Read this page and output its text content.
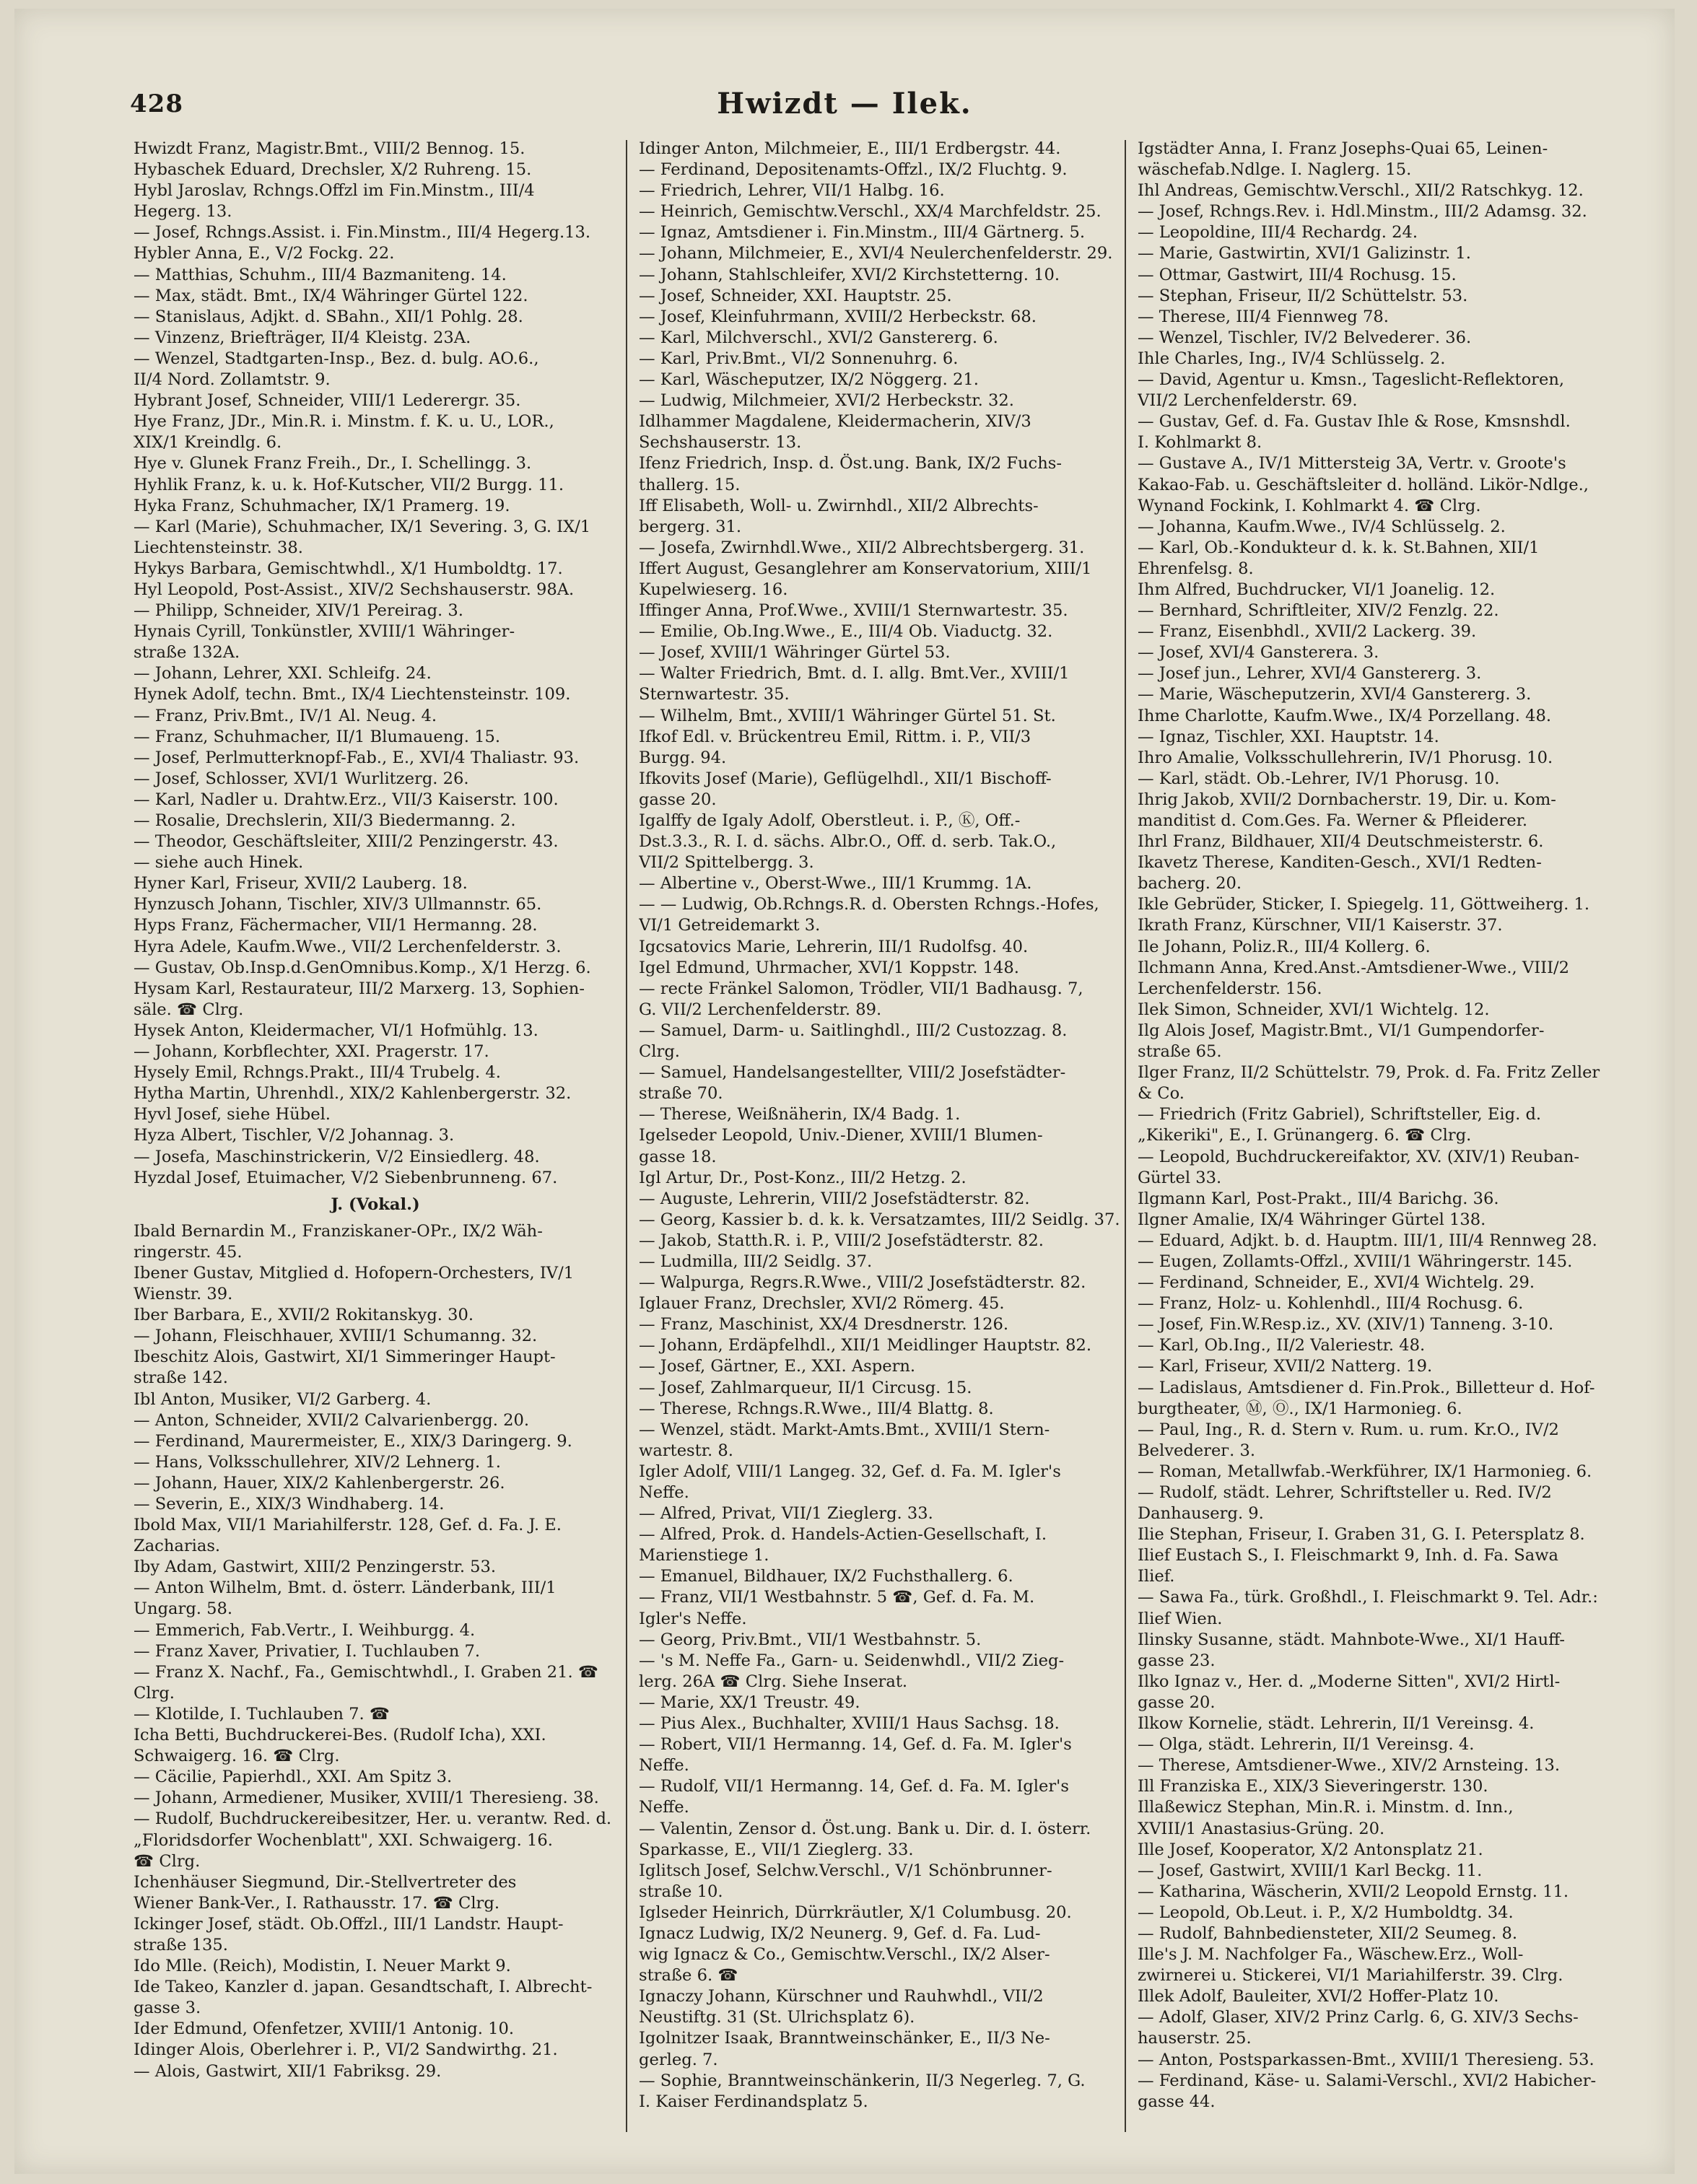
428	Hwizdt — Ilek.
Hwizdt Franz, Magistr.Bmt., VIII/2 Bennog. 15.
Hybaschek Eduard, Drechsler, X/2 Ruhreng. 15.
Hybl Jaroslav, Rchngs.Offzl im Fin.Minstm., III/4
Hegerg. 13.
— Josef, Rchngs.Assist. i. Fin.Minstm., III/4 Hegerg.13.
Hybler Anna, E., V/2 Fockg. 22.
— Matthias, Schuhm., III/4 Bazmaniteng. 14.
— Max, städt. Bmt., IX/4 Währinger Gürtel 122.
— Stanislaus, Adjkt. d. SBahn., XII/1 Pohlg. 28.
— Vinzenz, Briefträger, II/4 Kleistg. 23A.
— Wenzel, Stadtgarten-Insp., Bez. d. bulg. AO.6.,
II/4 Nord. Zollamtstr. 9.
Hybrant Josef, Schneider, VIII/1 Lederergr. 35.
Hye Franz, JDr., Min.R. i. Minstm. f. K. u. U., LOR.,
XIX/1 Kreindlg. 6.
Hye v. Glunek Franz Freih., Dr., I. Schellingg. 3.
Hyhlik Franz, k. u. k. Hof-Kutscher, VII/2 Burgg. 11.
Hyka Franz, Schuhmacher, IX/1 Pramerg. 19.
— Karl (Marie), Schuhmacher, IX/1 Severing. 3, G. IX/1
Liechtensteinstr. 38.
Hykys Barbara, Gemischtwhdl., X/1 Humboldtg. 17.
Hyl Leopold, Post-Assist., XIV/2 Sechshauserstr. 98A.
— Philipp, Schneider, XIV/1 Pereirag. 3.
Hynais Cyrill, Tonkünstler, XVIII/1 Währinger-
straße 132A.
— Johann, Lehrer, XXI. Schleifg. 24.
Hynek Adolf, techn. Bmt., IX/4 Liechtensteinstr. 109.
— Franz, Priv.Bmt., IV/1 Al. Neug. 4.
— Franz, Schuhmacher, II/1 Blumaueng. 15.
— Josef, Perlmutterknopf-Fab., E., XVI/4 Thaliastr. 93.
— Josef, Schlosser, XVI/1 Wurlitzerg. 26.
— Karl, Nadler u. Drahtw.Erz., VII/3 Kaiserstr. 100.
— Rosalie, Drechslerin, XII/3 Biedermanng. 2.
— Theodor, Geschäftsleiter, XIII/2 Penzingerstr. 43.
— siehe auch Hinek.
Hyner Karl, Friseur, XVII/2 Lauberg. 18.
Hynzusch Johann, Tischler, XIV/3 Ullmannstr. 65.
Hyps Franz, Fächermacher, VII/1 Hermanng. 28.
Hyra Adele, Kaufm.Wwe., VII/2 Lerchenfelderstr. 3.
— Gustav, Ob.Insp.d.GenOmnibus.Komp., X/1 Herzg. 6.
Hysam Karl, Restaurateur, III/2 Marxerg. 13, Sophien-
säle. ☎ Clrg.
Hysek Anton, Kleidermacher, VI/1 Hofmühlg. 13.
— Johann, Korbflechter, XXI. Pragerstr. 17.
Hysely Emil, Rchngs.Prakt., III/4 Trubelg. 4.
Hytha Martin, Uhrenhdl., XIX/2 Kahlenbergerstr. 32.
Hyvl Josef, siehe Hübel.
Hyza Albert, Tischler, V/2 Johannag. 3.
— Josefa, Maschinstrickerin, V/2 Einsiedlerg. 48.
Hyzdal Josef, Etuimacher, V/2 Siebenbrunneng. 67.
J. (Vokal.)
Ibald Bernardin M., Franziskaner-OPr., IX/2 Wäh-
ringerstr. 45.
Ibener Gustav, Mitglied d. Hofopern-Orchesters, IV/1
Wienstr. 39.
Iber Barbara, E., XVII/2 Rokitanskyg. 30.
— Johann, Fleischhauer, XVIII/1 Schumanng. 32.
Ibeschitz Alois, Gastwirt, XI/1 Simmeringer Haupt-
straße 142.
Ibl Anton, Musiker, VI/2 Garberg. 4.
— Anton, Schneider, XVII/2 Calvarienbergg. 20.
— Ferdinand, Maurermeister, E., XIX/3 Daringerg. 9.
— Hans, Volksschullehrer, XIV/2 Lehnerg. 1.
— Johann, Hauer, XIX/2 Kahlenbergerstr. 26.
— Severin, E., XIX/3 Windhaberg. 14.
Ibold Max, VII/1 Mariahilferstr. 128, Gef. d. Fa. J. E.
Zacharias.
Iby Adam, Gastwirt, XIII/2 Penzingerstr. 53.
— Anton Wilhelm, Bmt. d. österr. Länderbank, III/1
Ungarg. 58.
— Emmerich, Fab.Vertr., I. Weihburgg. 4.
— Franz Xaver, Privatier, I. Tuchlauben 7.
— Franz X. Nachf., Fa., Gemischtwhdl., I. Graben 21. ☎
Clrg.
— Klotilde, I. Tuchlauben 7. ☎
Icha Betti, Buchdruckerei-Bes. (Rudolf Icha), XXI.
Schwaigerg. 16. ☎ Clrg.
— Cäcilie, Papierhdl., XXI. Am Spitz 3.
— Johann, Armediener, Musiker, XVIII/1 Theresieng. 38.
— Rudolf, Buchdruckereibesitzer, Her. u. verantw. Red. d.
„Floridsdorfer Wochenblatt", XXI. Schwaigerg. 16.
☎ Clrg.
Ichenhäuser Siegmund, Dir.-Stellvertreter des
Wiener Bank-Ver., I. Rathausstr. 17. ☎ Clrg.
Ickinger Josef, städt. Ob.Offzl., III/1 Landstr. Haupt-
straße 135.
Ido Mlle. (Reich), Modistin, I. Neuer Markt 9.
Ide Takeo, Kanzler d. japan. Gesandtschaft, I. Albrecht-
gasse 3.
Ider Edmund, Ofenfetzer, XVIII/1 Antonig. 10.
Idinger Alois, Oberlehrer i. P., VI/2 Sandwirthg. 21.
— Alois, Gastwirt, XII/1 Fabriksg. 29.
Idinger Anton, Milchmeier, E., III/1 Erdbergstr. 44.
— Ferdinand, Depositenamts-Offzl., IX/2 Fluchtg. 9.
— Friedrich, Lehrer, VII/1 Halbg. 16.
— Heinrich, Gemischtw.Verschl., XX/4 Marchfeldstr. 25.
— Ignaz, Amtsdiener i. Fin.Minstm., III/4 Gärtnerg. 5.
— Johann, Milchmeier, E., XVI/4 Neulerchenfelderstr. 29.
— Johann, Stahlschleifer, XVI/2 Kirchstetterng. 10.
— Josef, Schneider, XXI. Hauptstr. 25.
— Josef, Kleinfuhrmann, XVIII/2 Herbeckstr. 68.
— Karl, Milchverschl., XVI/2 Ganstererg. 6.
— Karl, Priv.Bmt., VI/2 Sonnenuhrg. 6.
— Karl, Wäscheputzer, IX/2 Nöggerg. 21.
— Ludwig, Milchmeier, XVI/2 Herbeckstr. 32.
Idlhammer Magdalene, Kleidermacherin, XIV/3
Sechshauserstr. 13.
Ifenz Friedrich, Insp. d. Öst.ung. Bank, IX/2 Fuchs-
thallerg. 15.
Iff Elisabeth, Woll- u. Zwirnhdl., XII/2 Albrechts-
bergerg. 31.
— Josefa, Zwirnhdl.Wwe., XII/2 Albrechtsbergerg. 31.
Iffert August, Gesanglehrer am Konservatorium, XIII/1
Kupelwieserg. 16.
Iffinger Anna, Prof.Wwe., XVIII/1 Sternwartestr. 35.
— Emilie, Ob.Ing.Wwe., E., III/4 Ob. Viaductg. 32.
— Josef, XVIII/1 Währinger Gürtel 53.
— Walter Friedrich, Bmt. d. I. allg. Bmt.Ver., XVIII/1
Sternwartestr. 35.
— Wilhelm, Bmt., XVIII/1 Währinger Gürtel 51. St.
Ifkof Edl. v. Brückentreu Emil, Rittm. i. P., VII/3
Burgg. 94.
Ifkovits Josef (Marie), Geflügelhdl., XII/1 Bischoff-
gasse 20.
Igalffy de Igaly Adolf, Oberstleut. i. P., Ⓚ, Off.-
Dst.3.3., R. I. d. sächs. Albr.O., Off. d. serb. Tak.O.,
VII/2 Spittelbergg. 3.
— Albertine v., Oberst-Wwe., III/1 Krummg. 1A.
— — Ludwig, Ob.Rchngs.R. d. Obersten Rchngs.-Hofes,
VI/1 Getreidemarkt 3.
Igcsatovics Marie, Lehrerin, III/1 Rudolfsg. 40.
Igel Edmund, Uhrmacher, XVI/1 Koppstr. 148.
— recte Fränkel Salomon, Trödler, VII/1 Badhausg. 7,
G. VII/2 Lerchenfelderstr. 89.
— Samuel, Darm- u. Saitlinghdl., III/2 Custozzag. 8.
Clrg.
— Samuel, Handelsangestellter, VIII/2 Josefstädter-
straße 70.
— Therese, Weißnäherin, IX/4 Badg. 1.
Igelseder Leopold, Univ.-Diener, XVIII/1 Blumen-
gasse 18.
Igl Artur, Dr., Post-Konz., III/2 Hetzg. 2.
— Auguste, Lehrerin, VIII/2 Josefstädterstr. 82.
— Georg, Kassier b. d. k. k. Versatzamtes, III/2 Seidlg. 37.
— Jakob, Statth.R. i. P., VIII/2 Josefstädterstr. 82.
— Ludmilla, III/2 Seidlg. 37.
— Walpurga, Regrs.R.Wwe., VIII/2 Josefstädterstr. 82.
Iglauer Franz, Drechsler, XVI/2 Römerg. 45.
— Franz, Maschinist, XX/4 Dresdnerstr. 126.
— Johann, Erdäpfelhdl., XII/1 Meidlinger Hauptstr. 82.
— Josef, Gärtner, E., XXI. Aspern.
— Josef, Zahlmarqueur, II/1 Circusg. 15.
— Therese, Rchngs.R.Wwe., III/4 Blattg. 8.
— Wenzel, städt. Markt-Amts.Bmt., XVIII/1 Stern-
wartestr. 8.
Igler Adolf, VIII/1 Langeg. 32, Gef. d. Fa. M. Igler's
Neffe.
— Alfred, Privat, VII/1 Zieglerg. 33.
— Alfred, Prok. d. Handels-Actien-Gesellschaft, I.
Marienstiege 1.
— Emanuel, Bildhauer, IX/2 Fuchsthallerg. 6.
— Franz, VII/1 Westbahnstr. 5 ☎, Gef. d. Fa. M.
Igler's Neffe.
— Georg, Priv.Bmt., VII/1 Westbahnstr. 5.
— 's M. Neffe Fa., Garn- u. Seidenwhdl., VII/2 Zieg-
lerg. 26A ☎ Clrg. Siehe Inserat.
— Marie, XX/1 Treustr. 49.
— Pius Alex., Buchhalter, XVIII/1 Haus Sachsg. 18.
— Robert, VII/1 Hermanng. 14, Gef. d. Fa. M. Igler's
Neffe.
— Rudolf, VII/1 Hermanng. 14, Gef. d. Fa. M. Igler's
Neffe.
— Valentin, Zensor d. Öst.ung. Bank u. Dir. d. I. österr.
Sparkasse, E., VII/1 Zieglerg. 33.
Iglitsch Josef, Selchw.Verschl., V/1 Schönbrunner-
straße 10.
Iglseder Heinrich, Dürrkräutler, X/1 Columbusg. 20.
Ignacz Ludwig, IX/2 Neunerg. 9, Gef. d. Fa. Lud-
wig Ignacz & Co., Gemischtw.Verschl., IX/2 Alser-
straße 6. ☎
Ignaczy Johann, Kürschner und Rauhwhdl., VII/2
Neustiftg. 31 (St. Ulrichsplatz 6).
Igolnitzer Isaak, Branntweinschänker, E., II/3 Ne-
gerleg. 7.
— Sophie, Branntweinschänkerin, II/3 Negerleg. 7, G.
I. Kaiser Ferdinandsplatz 5.
Igstädter Anna, I. Franz Josephs-Quai 65, Leinen-
wäschefab.Ndlge. I. Naglerg. 15.
Ihl Andreas, Gemischtw.Verschl., XII/2 Ratschkyg. 12.
— Josef, Rchngs.Rev. i. Hdl.Minstm., III/2 Adamsg. 32.
— Leopoldine, III/4 Rechardg. 24.
— Marie, Gastwirtin, XVI/1 Galizinstr. 1.
— Ottmar, Gastwirt, III/4 Rochusg. 15.
— Stephan, Friseur, II/2 Schüttelstr. 53.
— Therese, III/4 Fiennweg 78.
— Wenzel, Tischler, IV/2 Belvederег. 36.
Ihle Charles, Ing., IV/4 Schlüsselg. 2.
— David, Agentur u. Kmsn., Tageslicht-Reflektoren,
VII/2 Lerchenfelderstr. 69.
— Gustav, Gef. d. Fa. Gustav Ihle & Rose, Kmsnshdl.
I. Kohlmarkt 8.
— Gustave A., IV/1 Mittersteig 3A, Vertr. v. Groote's
Kakao-Fab. u. Geschäftsleiter d. holländ. Likör-Ndlge.,
Wynand Fockink, I. Kohlmarkt 4. ☎ Clrg.
— Johanna, Kaufm.Wwe., IV/4 Schlüsselg. 2.
— Karl, Ob.-Kondukteur d. k. k. St.Bahnen, XII/1
Ehrenfelsg. 8.
Ihm Alfred, Buchdrucker, VI/1 Joanelig. 12.
— Bernhard, Schriftleiter, XIV/2 Fenzlg. 22.
— Franz, Eisenbhdl., XVII/2 Lackerg. 39.
— Josef, XVI/4 Gansterera. 3.
— Josef jun., Lehrer, XVI/4 Ganstererg. 3.
— Marie, Wäscheputzerin, XVI/4 Ganstererg. 3.
Ihme Charlotte, Kaufm.Wwe., IX/4 Porzellang. 48.
— Ignaz, Tischler, XXI. Hauptstr. 14.
Ihro Amalie, Volksschullehrerin, IV/1 Phorusg. 10.
— Karl, städt. Ob.-Lehrer, IV/1 Phorusg. 10.
Ihrig Jakob, XVII/2 Dornbacherstr. 19, Dir. u. Kom-
manditist d. Com.Ges. Fa. Werner & Pfleiderer.
Ihrl Franz, Bildhauer, XII/4 Deutschmeisterstr. 6.
Ikavetz Therese, Kanditen-Gesch., XVI/1 Redten-
bacherg. 20.
Ikle Gebrüder, Sticker, I. Spiegelg. 11, Göttweiherg. 1.
Ikrath Franz, Kürschner, VII/1 Kaiserstr. 37.
Ile Johann, Poliz.R., III/4 Kollerg. 6.
Ilchmann Anna, Kred.Anst.-Amtsdiener-Wwe., VIII/2
Lerchenfelderstr. 156.
Ilek Simon, Schneider, XVI/1 Wichtelg. 12.
Ilg Alois Josef, Magistr.Bmt., VI/1 Gumpendorfer-
straße 65.
Ilger Franz, II/2 Schüttelstr. 79, Prok. d. Fa. Fritz Zeller
& Co.
— Friedrich (Fritz Gabriel), Schriftsteller, Eig. d.
„Kikeriki", E., I. Grünangerg. 6. ☎ Clrg.
— Leopold, Buchdruckereifaktor, XV. (XIV/1) Reuban-
Gürtel 33.
Ilgmann Karl, Post-Prakt., III/4 Barichg. 36.
Ilgner Amalie, IX/4 Währinger Gürtel 138.
— Eduard, Adjkt. b. d. Hauptm. III/1, III/4 Rennweg 28.
— Eugen, Zollamts-Offzl., XVIII/1 Währingerstr. 145.
— Ferdinand, Schneider, E., XVI/4 Wichtelg. 29.
— Franz, Holz- u. Kohlenhdl., III/4 Rochusg. 6.
— Josef, Fin.W.Resp.iz., XV. (XIV/1) Tanneng. 3-10.
— Karl, Ob.Ing., II/2 Valeriestr. 48.
— Karl, Friseur, XVII/2 Natterg. 19.
— Ladislaus, Amtsdiener d. Fin.Prok., Billetteur d. Hof-
burgtheater, Ⓜ, Ⓞ., IX/1 Harmonieg. 6.
— Paul, Ing., R. d. Stern v. Rum. u. rum. Kr.O., IV/2
Belvederег. 3.
— Roman, Metallwfab.-Werkführer, IX/1 Harmonieg. 6.
— Rudolf, städt. Lehrer, Schriftsteller u. Red. IV/2
Danhauserg. 9.
Ilie Stephan, Friseur, I. Graben 31, G. I. Petersplatz 8.
Ilief Eustach S., I. Fleischmarkt 9, Inh. d. Fa. Sawa
Ilief.
— Sawa Fa., türk. Großhdl., I. Fleischmarkt 9. Tel. Adr.:
Ilief Wien.
Ilinsky Susanne, städt. Mahnbote-Wwe., XI/1 Hauff-
gasse 23.
Ilko Ignaz v., Her. d. „Moderne Sitten", XVI/2 Hirtl-
gasse 20.
Ilkow Kornelie, städt. Lehrerin, II/1 Vereinsg. 4.
— Olga, städt. Lehrerin, II/1 Vereinsg. 4.
— Therese, Amtsdiener-Wwe., XIV/2 Arnsteing. 13.
Ill Franziska E., XIX/3 Sieveringerstr. 130.
Illaßewicz Stephan, Min.R. i. Minstm. d. Inn.,
XVIII/1 Anastasius-Grüng. 20.
Ille Josef, Kooperator, X/2 Antonsplatz 21.
— Josef, Gastwirt, XVIII/1 Karl Beckg. 11.
— Katharina, Wäscherin, XVII/2 Leopold Ernstg. 11.
— Leopold, Ob.Leut. i. P., X/2 Humboldtg. 34.
— Rudolf, Bahnbediensteter, XII/2 Seumeg. 8.
Ille's J. M. Nachfolger Fa., Wäschew.Erz., Woll-
zwirnerei u. Stickerei, VI/1 Mariahilferstr. 39. Clrg.
Illek Adolf, Bauleiter, XVI/2 Hoffer-Platz 10.
— Adolf, Glaser, XIV/2 Prinz Carlg. 6, G. XIV/3 Sechs-
hauserstr. 25.
— Anton, Postsparkassen-Bmt., XVIII/1 Theresieng. 53.
— Ferdinand, Käse- u. Salami-Verschl., XVI/2 Habicher-
gasse 44.
